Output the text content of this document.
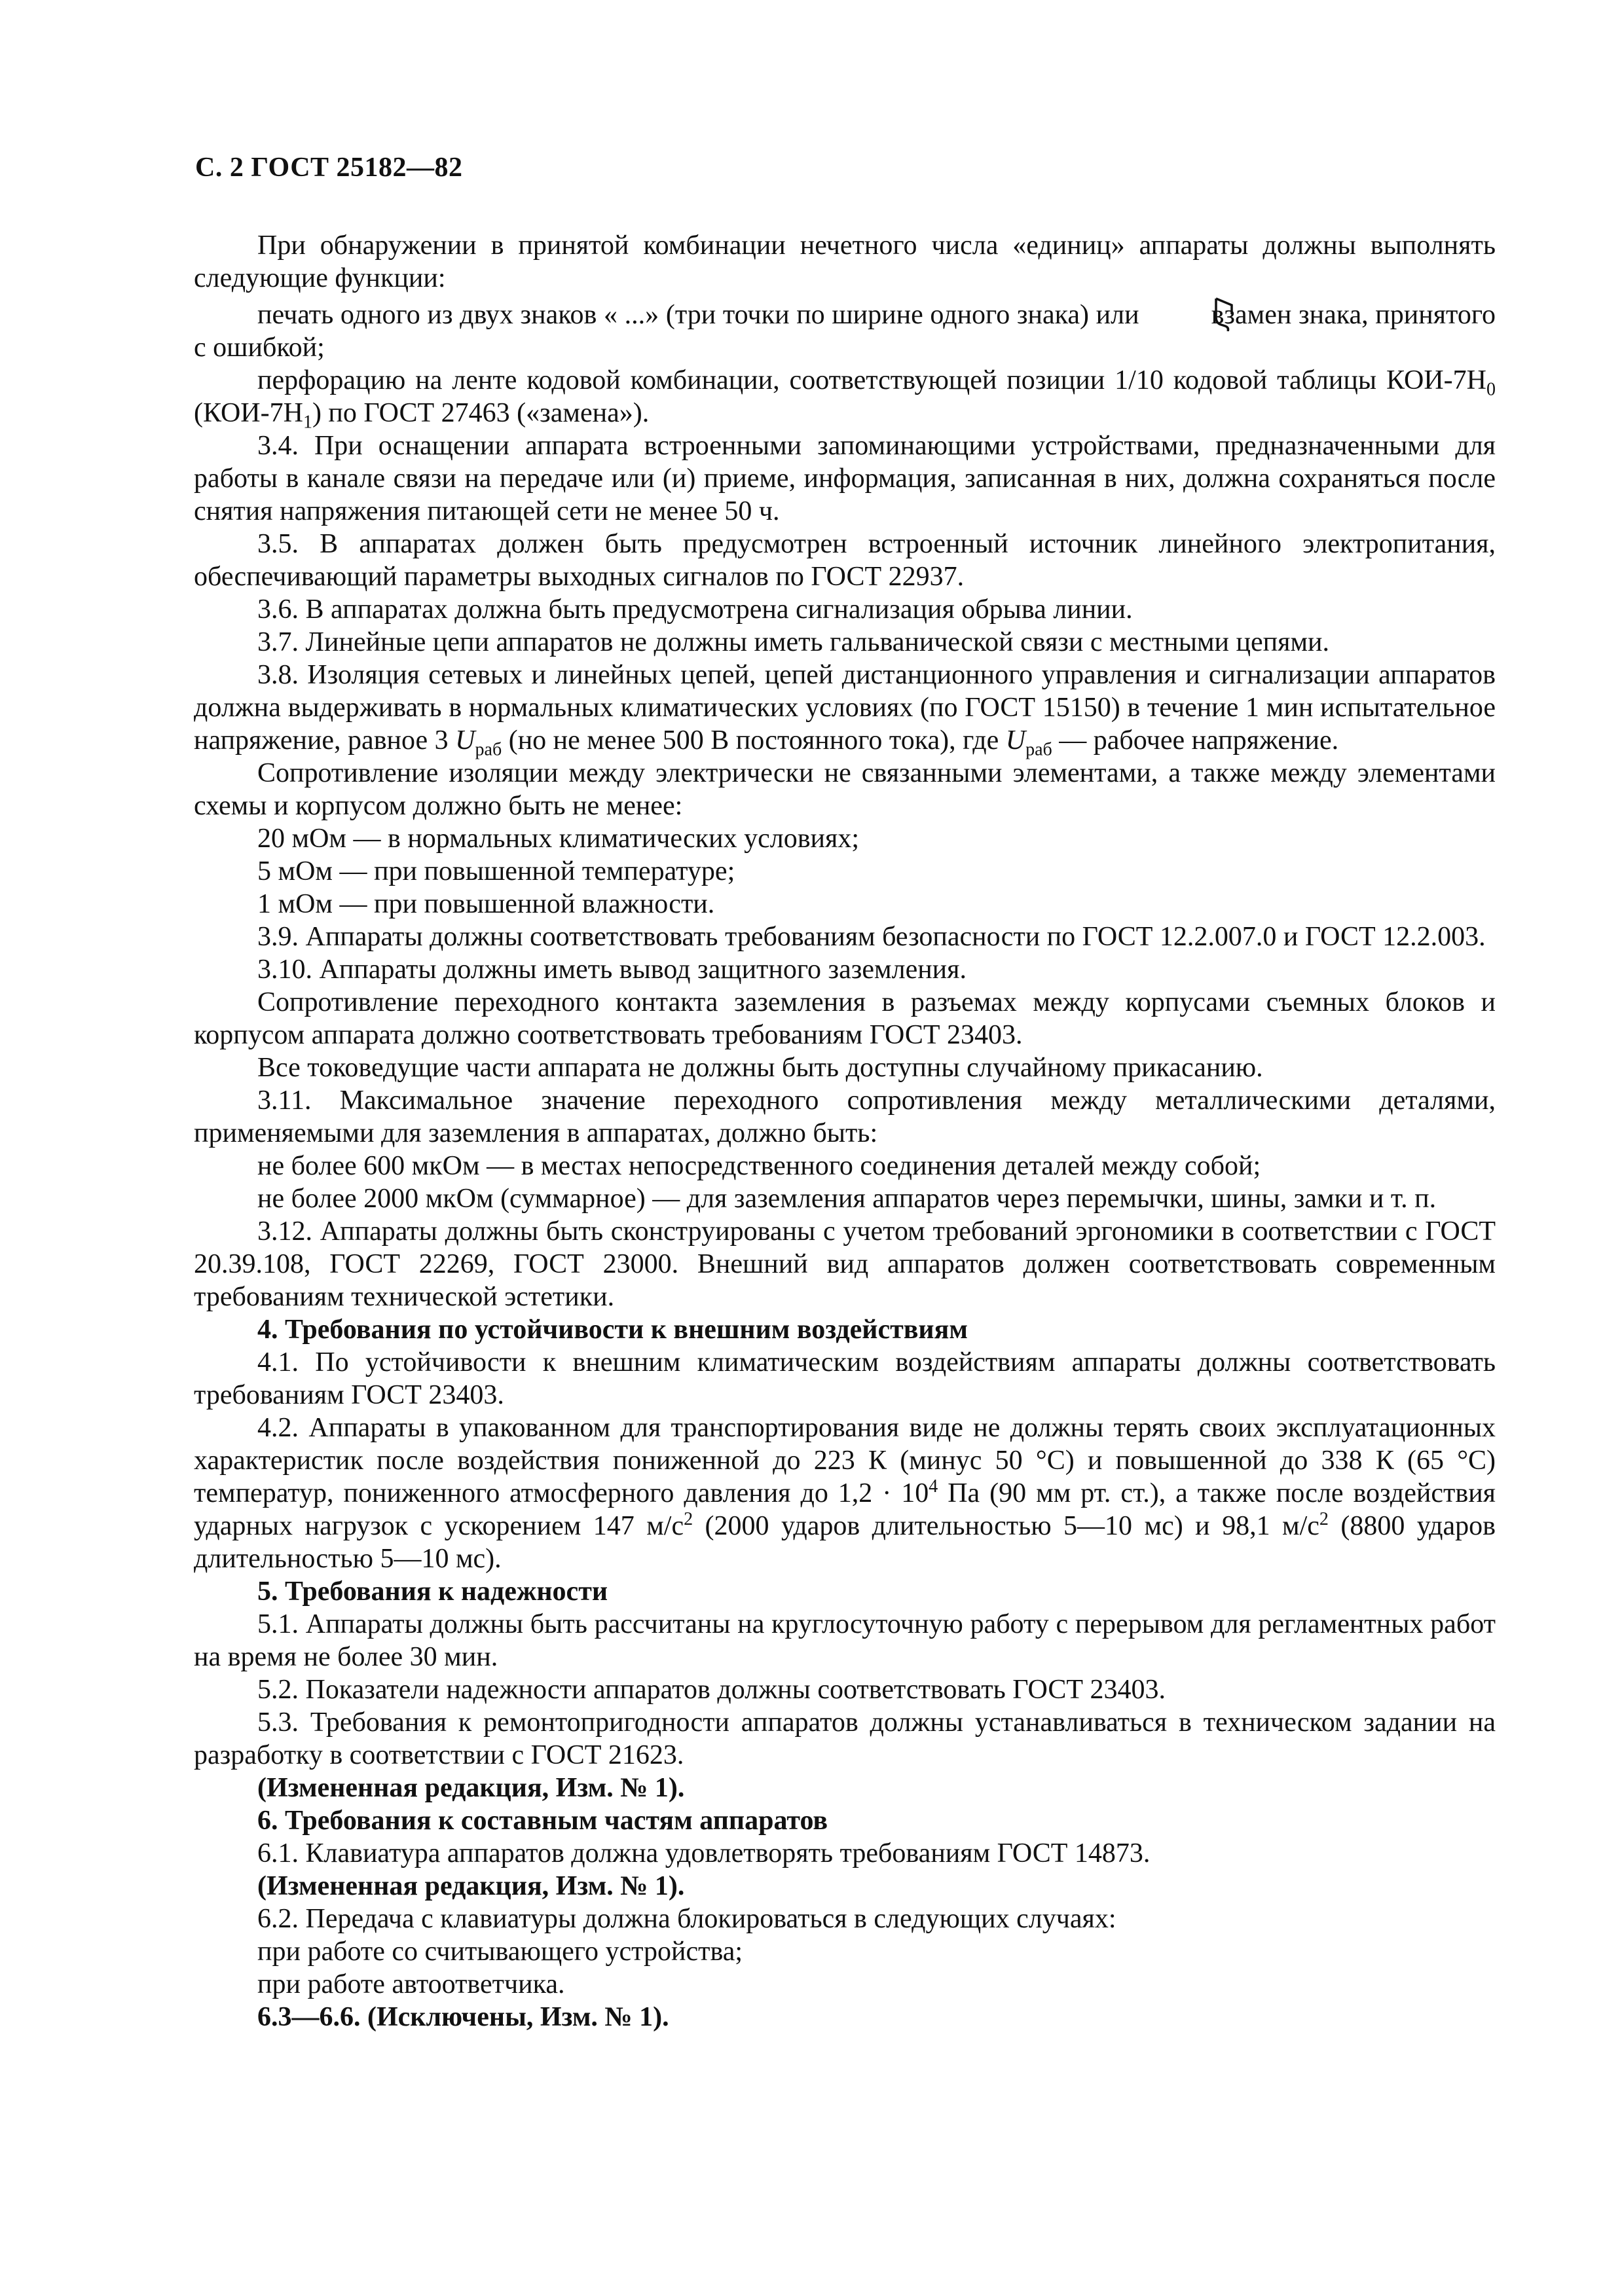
С. 2 ГОСТ 25182—82

При обнаружении в принятой комбинации нечетного числа «единиц» аппараты должны выполнять следующие функции:

печать одного из двух знаков « ...» (три точки по ширине одного знака) или	взамен знака, принятого с ошибкой;

перфорацию на ленте кодовой комбинации, соответствующей позиции 1/10 кодовой таблицы КОИ-$7Н_0$ $(КОИ-7Н_1)$ по ГОСТ 27463 («замена»).

3.4. При оснащении аппарата встроенными запоминающими устройствами, предназначенными для работы в канале связи на передаче или (и) приеме, информация, записанная в них, должна сохраняться после снятия напряжения питающей сети не менее 50 ч.

3.5. В аппаратах должен быть предусмотрен встроенный источник линейного электропитания, обеспечивающий параметры выходных сигналов по ГОСТ 22937.

3.6. В аппаратах должна быть предусмотрена сигнализация обрыва линии.

3.7. Линейные цепи аппаратов не должны иметь гальванической связи с местными цепями.

3.8. Изоляция сетевых и линейных цепей, цепей дистанционного управления и сигнализации аппаратов должна выдерживать в нормальных климатических условиях (по ГОСТ 15150) в течение 1 мин испытательное напряжение, равное 3 $U_{раб}$ (но не менее 500 В постоянного тока), где $U_{раб}$ — рабочее напряжение.

Сопротивление изоляции между электрически не связанными элементами, а также между элементами схемы и корпусом должно быть не менее:

20 мОм — в нормальных климатических условиях;

5 мОм — при повышенной температуре;

1 мОм — при повышенной влажности.

3.9. Аппараты должны соответствовать требованиям безопасности по ГОСТ 12.2.007.0 и ГОСТ 12.2.003.

3.10. Аппараты должны иметь вывод защитного заземления.

Сопротивление переходного контакта заземления в разъемах между корпусами съемных блоков и корпусом аппарата должно соответствовать требованиям ГОСТ 23403.

Все токоведущие части аппарата не должны быть доступны случайному прикасанию.

3.11. Максимальное значение переходного сопротивления между металлическими деталями, применяемыми для заземления в аппаратах, должно быть:

не более 600 мкОм — в местах непосредственного соединения деталей между собой;

не более 2000 мкОм (суммарное) — для заземления аппаратов через перемычки, шины, замки и т. п.

3.12. Аппараты должны быть сконструированы с учетом требований эргономики в соответствии с ГОСТ 20.39.108, ГОСТ 22269, ГОСТ 23000. Внешний вид аппаратов должен соответствовать современным требованиям технической эстетики.

4. Требования по устойчивости к внешним воздействиям

4.1. По устойчивости к внешним климатическим воздействиям аппараты должны соответствовать требованиям ГОСТ 23403.

4.2. Аппараты в упакованном для транспортирования виде не должны терять своих эксплуатационных характеристик после воздействия пониженной до 223 К (минус 50 °С) и повышенной до 338 К (65 °С) температур, пониженного атмосферного давления до $1,2 \cdot 10^4$ Па (90 мм рт. ст.), а также после воздействия ударных нагрузок с ускорением 147 $м/с^2$ (2000 ударов длительностью 5—10 мс) и 98,1 $м/с^2$ (8800 ударов длительностью 5—10 мс).

5. Требования к надежности

5.1. Аппараты должны быть рассчитаны на круглосуточную работу с перерывом для регламентных работ на время не более 30 мин.

5.2. Показатели надежности аппаратов должны соответствовать ГОСТ 23403.

5.3. Требования к ремонтопригодности аппаратов должны устанавливаться в техническом задании на разработку в соответствии с ГОСТ 21623.

(Измененная редакция, Изм. № 1).

6. Требования к составным частям аппаратов

6.1. Клавиатура аппаратов должна удовлетворять требованиям ГОСТ 14873.

(Измененная редакция, Изм. № 1).

6.2. Передача с клавиатуры должна блокироваться в следующих случаях:

при работе со считывающего устройства;

при работе автоответчика.

6.3—6.6. (Исключены, Изм. № 1).
